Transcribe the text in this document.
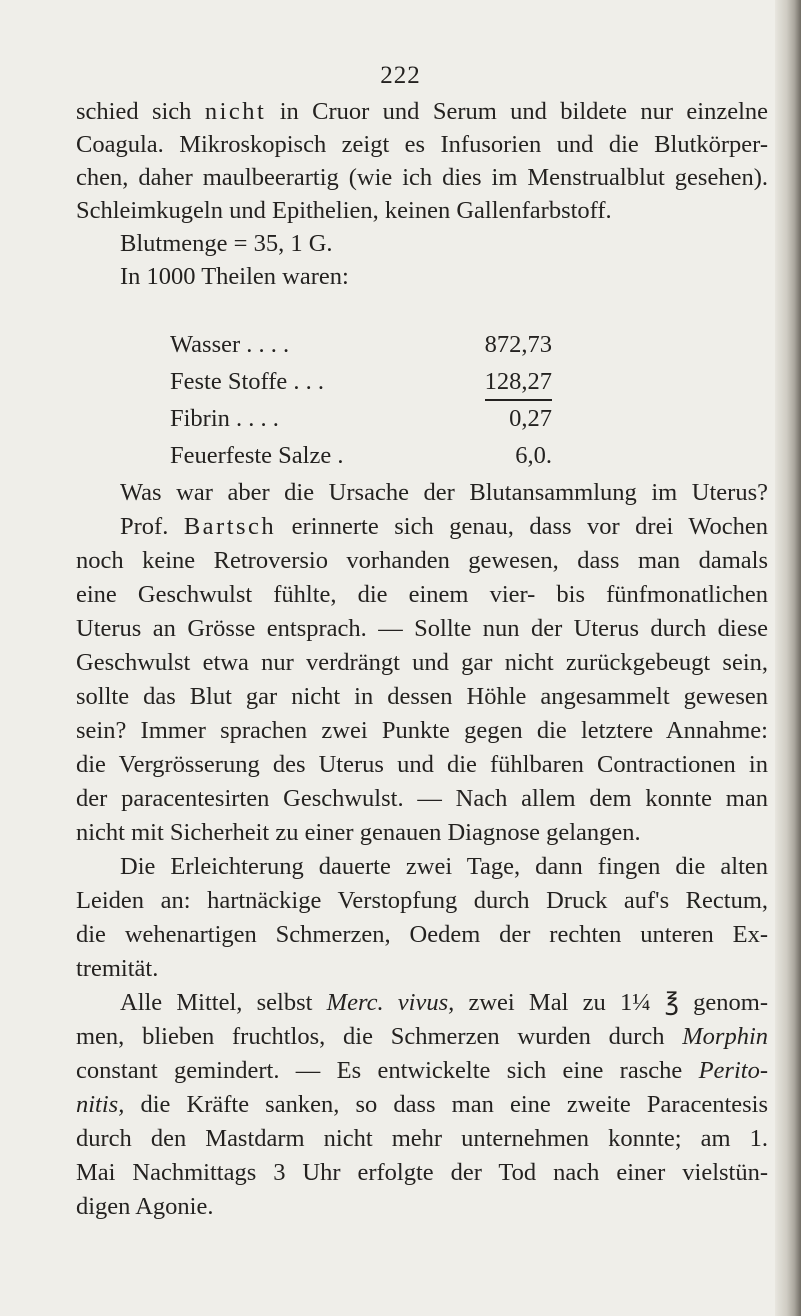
222
schied sich nicht in Cruor und Serum und bildete nur einzelne
Coagula. Mikroskopisch zeigt es Infusorien und die Blutkörper-
chen, daher maulbeerartig (wie ich dies im Menstrualblut gesehen).
Schleimkugeln und Epithelien, keinen Gallenfarbstoff.
Blutmenge = 35, 1 G.
In 1000 Theilen waren:
Wasser . . . .	872,73
Feste Stoffe . . .	128,27
Fibrin . . . .	0,27
Feuerfeste Salze .	6,0.
Was war aber die Ursache der Blutansammlung im Uterus?
Prof. Bartsch erinnerte sich genau, dass vor drei Wochen
noch keine Retroversio vorhanden gewesen, dass man damals
eine Geschwulst fühlte, die einem vier- bis fünfmonatlichen
Uterus an Grösse entsprach. — Sollte nun der Uterus durch diese
Geschwulst etwa nur verdrängt und gar nicht zurückgebeugt sein,
sollte das Blut gar nicht in dessen Höhle angesammelt gewesen
sein? Immer sprachen zwei Punkte gegen die letztere Annahme:
die Vergrösserung des Uterus und die fühlbaren Contractionen in
der paracentesirten Geschwulst. — Nach allem dem konnte man
nicht mit Sicherheit zu einer genauen Diagnose gelangen.
Die Erleichterung dauerte zwei Tage, dann fingen die alten
Leiden an: hartnäckige Verstopfung durch Druck auf's Rectum,
die wehenartigen Schmerzen, Oedem der rechten unteren Ex-
tremität.
Alle Mittel, selbst Merc. vivus, zwei Mal zu 1¼ ℥ genom-
men, blieben fruchtlos, die Schmerzen wurden durch Morphin
constant gemindert. — Es entwickelte sich eine rasche Perito-
nitis, die Kräfte sanken, so dass man eine zweite Paracentesis
durch den Mastdarm nicht mehr unternehmen konnte; am 1.
Mai Nachmittags 3 Uhr erfolgte der Tod nach einer vielstün-
digen Agonie.
